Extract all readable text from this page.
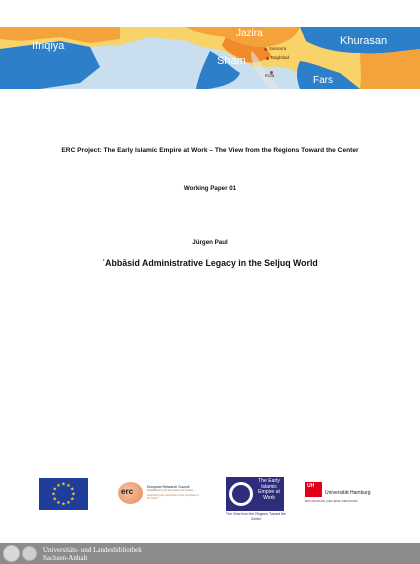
Ifriqiya
Jazira
Khurasan
Sham
Fars
Samarra
Baghdad
Kufa
ERC Project: The Early Islamic Empire at Work – The View from the Regions Toward the Center
Working Paper 01
Jürgen Paul
ʿAbbāsid Administrative Legacy in the Seljuq World
★ ★
★
★
★
★
★
★
★
★
★
★
erc	European Research Council
Established by the European Commission
Supporting top researchers from anywhere in the world
The Early Islamic Empire at Work
The View from the Regions Toward the Center
UH
Universität Hamburg
DER FORSCHUNG | DER LEHRE | DER BILDUNG
Universitäts- und Landesbibliothek
Sachsen-Anhalt
